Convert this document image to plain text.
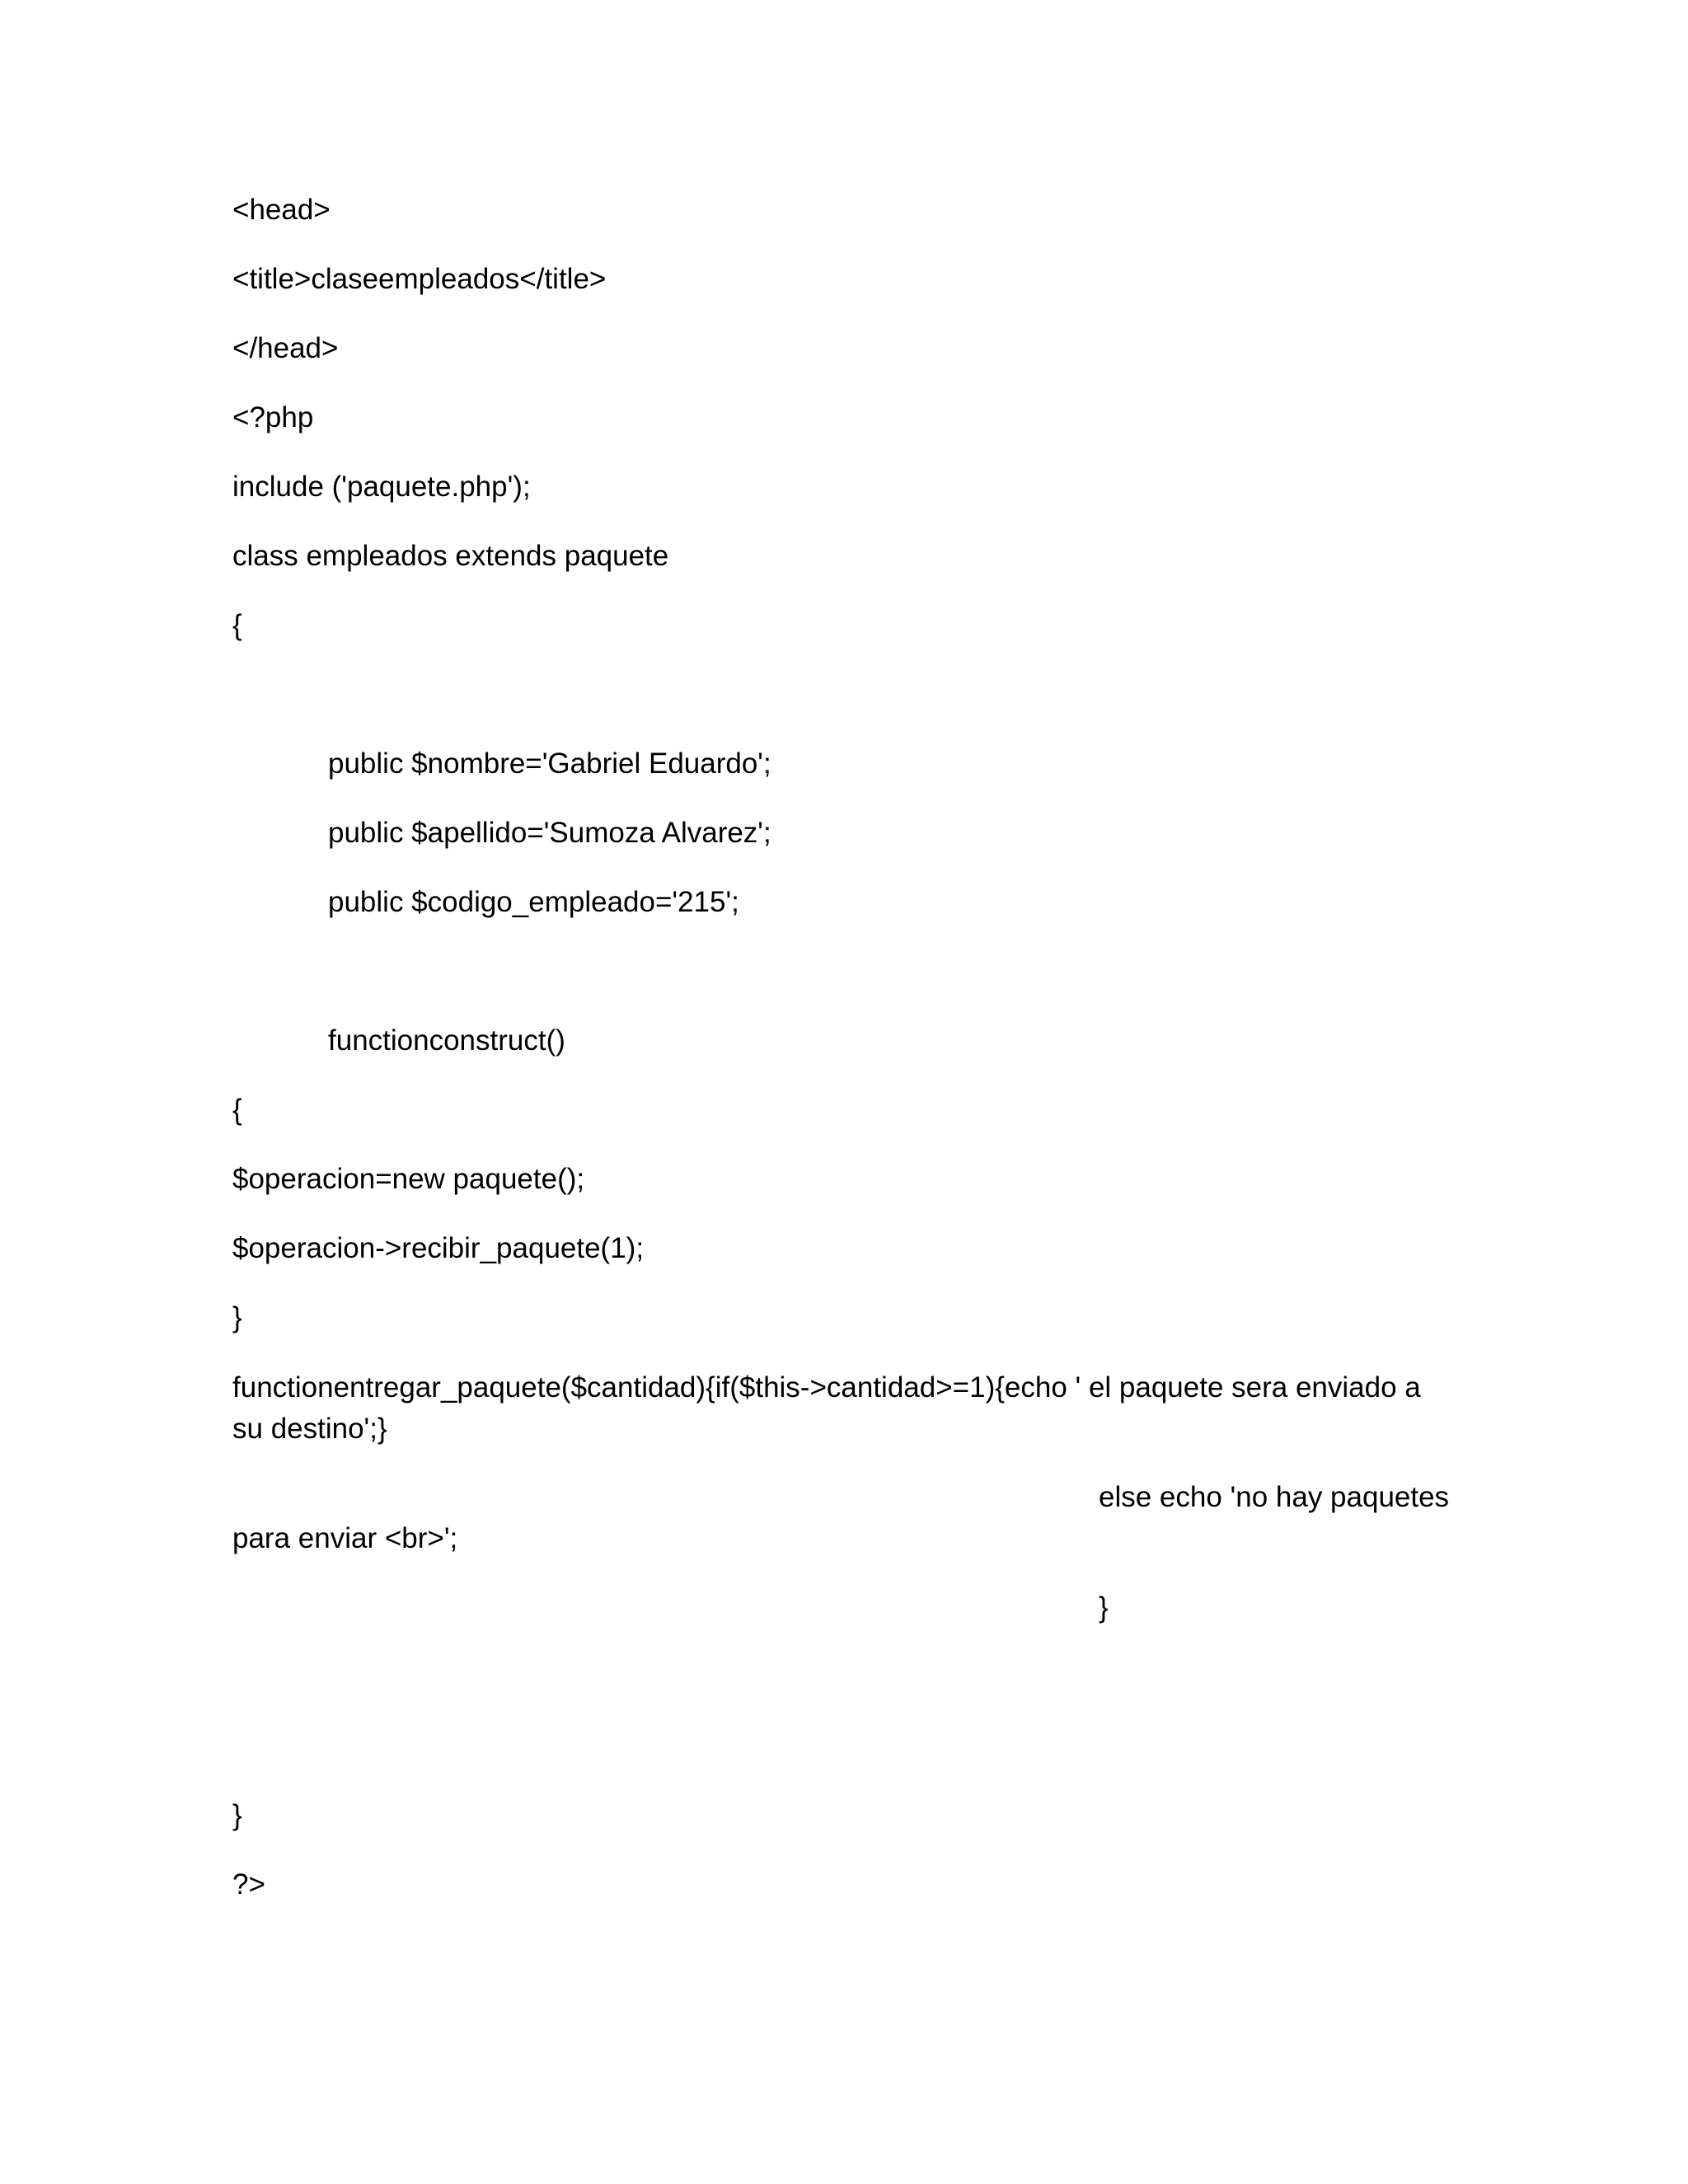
<head>
<title>claseempleados</title>
</head>
<?php
include ('paquete.php');
class empleados extends paquete
{
public $nombre='Gabriel Eduardo';
public $apellido='Sumoza Alvarez';
public $codigo_empleado='215';
functionconstruct()
{
$operacion=new paquete();
$operacion->recibir_paquete(1);
}
functionentregar_paquete($cantidad){if($this->cantidad>=1){echo ' el paquete sera enviado a su destino';}
else echo 'no hay paquetes
para enviar <br>';
}
}
?>
